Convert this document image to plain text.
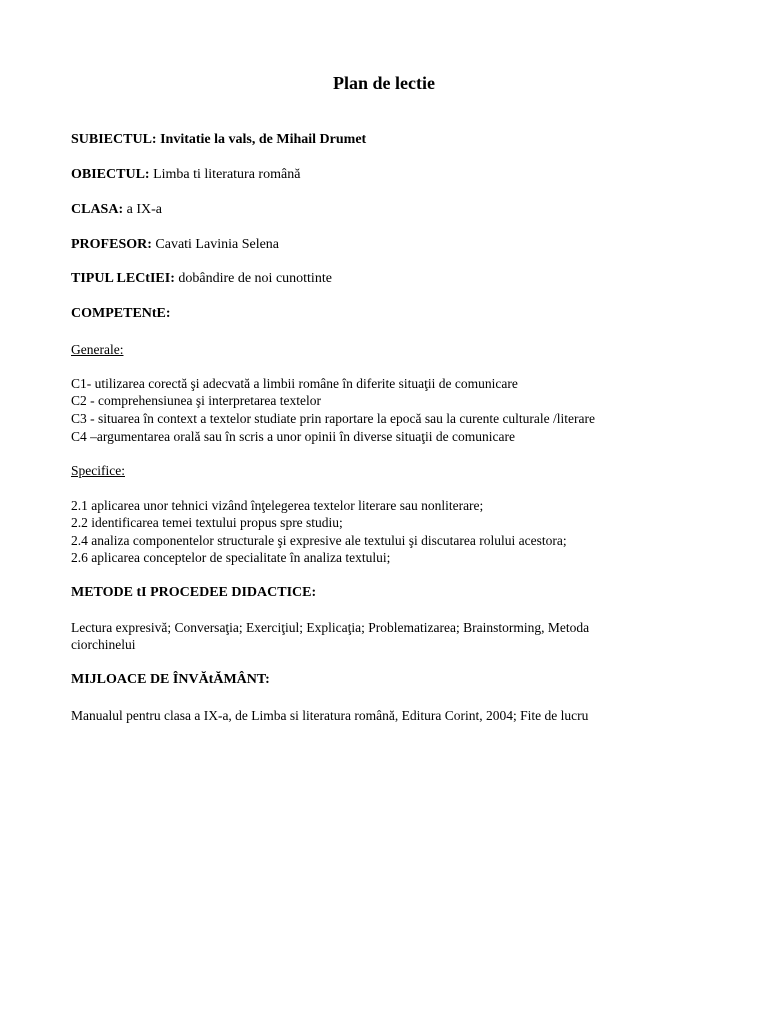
Plan de lectie
SUBIECTUL: Invitatie la vals, de Mihail Drumet
OBIECTUL: Limba ti literatura română
CLASA: a IX-a
PROFESOR: Cavati Lavinia Selena
TIPUL LECtIEI: dobândire de noi cunottinte
COMPETENtE:
Generale:
C1- utilizarea corectă şi adecvată a limbii române în diferite situaţii de comunicare
C2 - comprehensiunea şi interpretarea textelor
C3 - situarea în context a textelor studiate prin raportare la epocă sau la curente culturale /literare
C4 –argumentarea orală sau în scris a unor opinii în diverse situaţii de comunicare
Specifice:
2.1 aplicarea unor tehnici vizând înţelegerea textelor literare sau nonliterare;
2.2 identificarea temei textului propus spre studiu;
2.4 analiza componentelor structurale şi expresive ale textului şi discutarea rolului acestora;
2.6 aplicarea conceptelor de specialitate în analiza textului;
METODE tI PROCEDEE DIDACTICE:
Lectura expresivă; Conversaţia; Exerciţiul; Explicaţia; Problematizarea; Brainstorming, Metoda
ciorchinelui
MIJLOACE DE ÎNVĂtĂMÂNT:
Manualul pentru clasa a IX-a, de Limba si literatura română, Editura Corint, 2004; Fite de lucru
